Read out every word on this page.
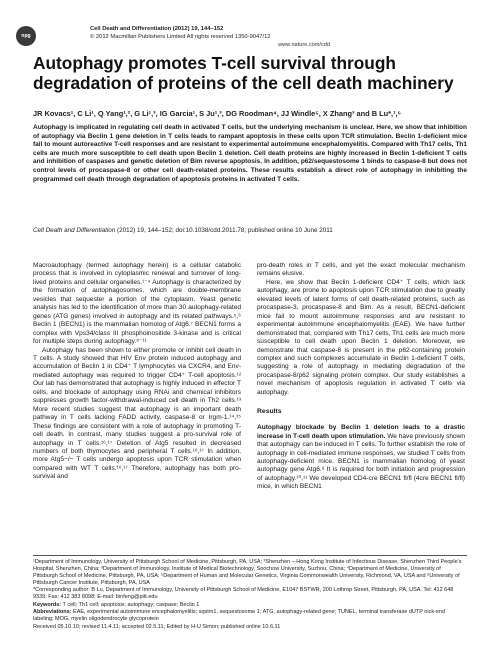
npg
Cell Death and Differentiation (2012) 19, 144–152
© 2012 Macmillan Publishers Limited All rights reserved 1350-9047/12
www.nature.com/cdd
Autophagy promotes T-cell survival through degradation of proteins of the cell death machinery
JR Kovacs¹, C Li¹, Q Yang¹,², G Li¹,³, IG Garcia¹, S Ju¹,³, DG Roodman⁴, JJ Windle⁵, X Zhang³ and B Lu*,¹,⁶
Autophagy is implicated in regulating cell death in activated T cells, but the underlying mechanism is unclear. Here, we show that inhibition of autophagy via Beclin 1 gene deletion in T cells leads to rampant apoptosis in these cells upon TCR stimulation. Beclin 1-deficient mice fail to mount autoreactive T-cell responses and are resistant to experimental autoimmune encephalomyelitis. Compared with Th17 cells, Th1 cells are much more susceptible to cell death upon Beclin 1 deletion. Cell death proteins are highly increased in Beclin 1-deficient T cells and inhibition of caspases and genetic deletion of Bim reverse apoptosis. In addition, p62/sequestosome 1 binds to caspase-8 but does not control levels of procaspase-8 or other cell death-related proteins. These results establish a direct role of autophagy in inhibiting the programmed cell death through degradation of apoptosis proteins in activated T cells.
Cell Death and Differentiation (2012) 19, 144–152; doi:10.1038/cdd.2011.78; published online 10 June 2011

Macroautophagy (termed autophagy herein) is a cellular catabolic process that is involved in cytoplasmic renewal and turnover of long-lived proteins and cellular organelles.¹⁻⁴ Autophagy is characterized by the formation of autophagosomes, which are double-membrane vesicles that sequester a portion of the cytoplasm. Yeast genetic analysis has led to the identification of more than 30 autophagy-related genes (ATG genes) involved in autophagy and its related pathways.⁵,⁶ Beclin 1 (BECN1) is the mammalian homolog of Atg6.⁷ BECN1 forms a complex with Vps34/class III phosphoinositide 3-kinase and is critical for multiple steps during autophagy.⁸⁻¹¹

Autophagy has been shown to either promote or inhibit cell death in T cells. A study showed that HIV Env protein induced autophagy and accumulation of Beclin 1 in CD4⁺ T lymphocytes via CXCR4, and Env-mediated autophagy was required to trigger CD4⁺ T-cell apoptosis.¹² Our lab has demonstrated that autophagy is highly induced in effector T cells, and blockade of autophagy using RNAi and chemical inhibitors suppresses growth factor-withdrawal-induced cell death in Th2 cells.¹³ More recent studies suggest that autophagy is an important death pathway in T cells lacking FADD activity, caspase-8 or Irgm-1.¹⁴,¹⁵ These findings are consistent with a role of autophagy in promoting T-cell death. In contrast, many studies suggest a pro-survival role of autophagy in T cells.¹⁶,¹⁷ Deletion of Atg5 resulted in decreased numbers of both thymocytes and peripheral T cells.¹⁶,¹⁷ In addition, more Atg5−/− T cells undergo apoptosis upon TCR stimulation when compared with WT T cells.¹⁶,¹⁷ Therefore, autophagy has both pro-survival and

pro-death roles in T cells, and yet the exact molecular mechanism remains elusive.

Here, we show that Beclin 1-deficient CD4⁺ T cells, which lack autophagy, are prone to apoptosis upon TCR stimulation due to greatly elevated levels of latent forms of cell death-related proteins, such as procaspase-3, procaspase-8 and Bim. As a result, BECN1-deficient mice fail to mount autoimmune responses and are resistant to experimental autoimmune encephalomyelitis (EAE). We have further demonstrated that, compared with Th17 cells, Th1 cells are much more susceptible to cell death upon Beclin 1 deletion. Moreover, we demonstrate that caspase-8 is present in the p62-containing protein complex and such complexes accumulate in Beclin 1-deficient T cells, suggesting a role of autophagy in mediating degradation of the procaspase-8/p62 signaling protein complex. Our study establishes a novel mechanism of apoptosis regulation in activated T cells via autophagy.

Results

Autophagy blockade by Beclin 1 deletion leads to a drastic increase in T-cell death upon stimulation. We have previously shown that autophagy can be induced in T cells. To further establish the role of autophagy in cell-mediated immune responses, we studied T cells from autophagy-deficient mice. BECN1 is mammalian homolog of yeast autophagy gene Atg6.⁸ It is required for both initiation and progression of autophagy.¹⁰,¹¹ We developed CD4-cre BECN1 fl/fl (4cre BECN1 fl/fl) mice, in which BECN1

¹Department of Immunology, University of Pittsburgh School of Medicine, Pittsburgh, PA, USA; ²Shenzhen – Hong Kong Institute of Infectious Disease, Shenzhen Third People's Hospital, Shenzhen, China; ³Department of Immunology, Institute of Medical Biotechnology, Soochow University, Suzhou, China; ⁴Department of Medicine, University of Pittsburgh School of Medicine, Pittsburgh, PA, USA; ⁵Department of Human and Molecular Genetics, Virginia Commonwealth University, Richmond, VA, USA and ⁶University of Pittsburgh Cancer Institute, Pittsburgh, PA, USA

*Corresponding author: B Lu, Department of Immunology, University of Pittsburgh School of Medicine, E1047 BSTWR, 200 Lothrop Street, Pittsburgh, PA, USA. Tel: 412 648 9339; Fax: 412 383 8098; E-mail: binfeng@pitt.edu

Keywords: T cell; Th1 cell; apoptosis; autophagy; caspase; Beclin 1

Abbreviations: EAE, experimental autoimmune encephalomyelitis; sqstm1, sequestosome 1; ATG, autophagy-related gene; TUNEL, terminal transferase dUTP nick-end labeling; MOG, myelin oligodendrocyte glycoprotein

Received 05.10.10; revised 11.4.11; accepted 02.5.11; Edited by H-U Simon; published online 10.6.11
